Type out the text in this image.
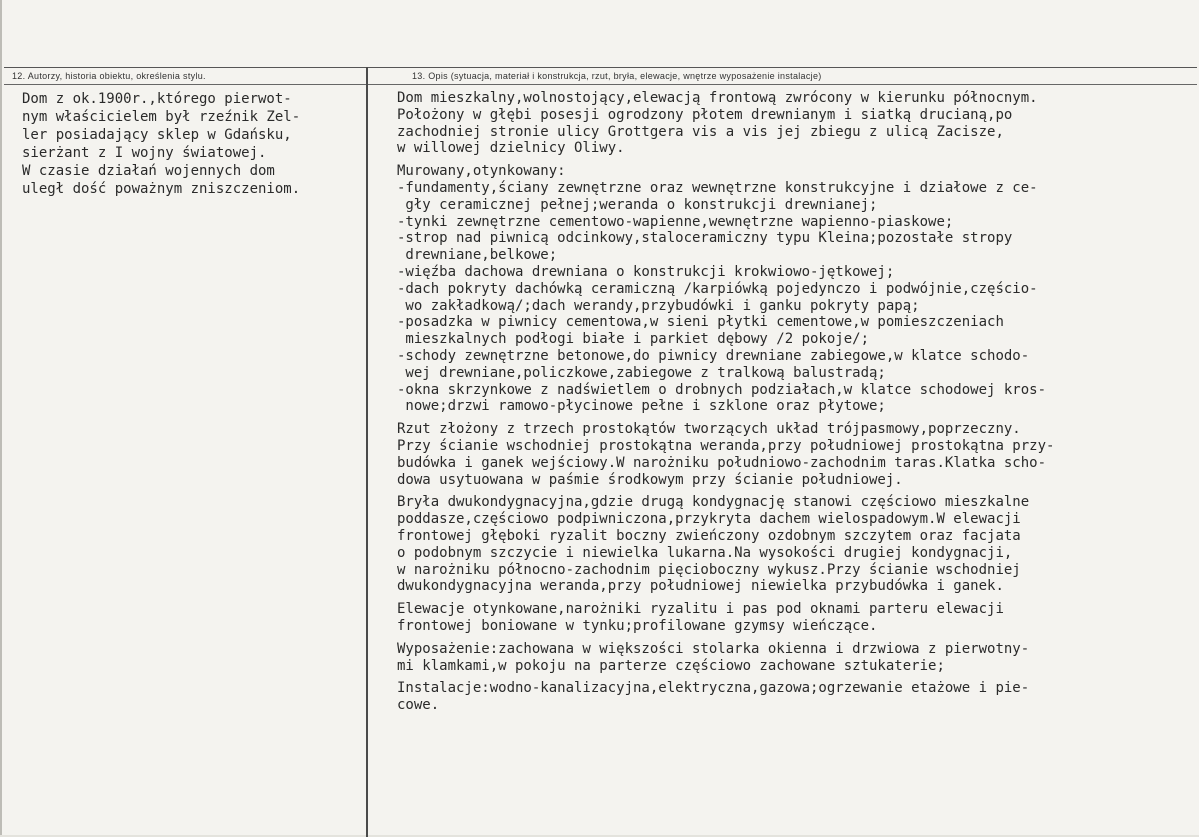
12. Autorzy, historia obiektu, określenia stylu.	13. Opis (sytuacja, materiał i konstrukcja, rzut, bryła, elewacje, wnętrze wyposażenie instalacje)
Dom z ok.1900r.,którego pierwot-
nym właścicielem był rzeźnik Zel-
ler posiadający sklep w Gdańsku,
sierżant z I wojny światowej.
W czasie działań wojennych dom
uległ dość poważnym zniszczeniom.
Dom mieszkalny,wolnostojący,elewacją frontową zwrócony w kierunku północnym.
Położony w głębi posesji ogrodzony płotem drewnianym i siatką drucianą,po
zachodniej stronie ulicy Grottgera vis a vis jej zbiegu z ulicą Zacisze,
w willowej dzielnicy Oliwy.
Murowany,otynkowany:
-fundamenty,ściany zewnętrzne oraz wewnętrzne konstrukcyjne i działowe z ce-
gły ceramicznej pełnej;weranda o konstrukcji drewnianej;
-tynki zewnętrzne cementowo-wapienne,wewnętrzne wapienno-piaskowe;
-strop nad piwnicą odcinkowy,staloceramiczny typu Kleina;pozostałe stropy
drewniane,belkowe;
-więźba dachowa drewniana o konstrukcji krokwiowo-jętkowej;
-dach pokryty dachówką ceramiczną /karpiówką pojedynczo i podwójnie,częścio-
wo zakładkową/;dach werandy,przybudówki i ganku pokryty papą;
-posadzka w piwnicy cementowa,w sieni płytki cementowe,w pomieszczeniach
mieszkalnych podłogi białe i parkiet dębowy /2 pokoje/;
-schody zewnętrzne betonowe,do piwnicy drewniane zabiegowe,w klatce schodo-
wej drewniane,policzkowe,zabiegowe z tralkową balustradą;
-okna skrzynkowe z nadświetlem o drobnych podziałach,w klatce schodowej kros-
nowe;drzwi ramowo-płycinowe pełne i szklone oraz płytowe;
Rzut złożony z trzech prostokątów tworzących układ trójpasmowy,poprzeczny.
Przy ścianie wschodniej prostokątna weranda,przy południowej prostokątna przy-
budówka i ganek wejściowy.W narożniku południowo-zachodnim taras.Klatka scho-
dowa usytuowana w paśmie środkowym przy ścianie południowej.
Bryła dwukondygnacyjna,gdzie drugą kondygnację stanowi częściowo mieszkalne
poddasze,częściowo podpiwniczona,przykryta dachem wielospadowym.W elewacji
frontowej głęboki ryzalit boczny zwieńczony ozdobnym szczytem oraz facjata
o podobnym szczycie i niewielka lukarna.Na wysokości drugiej kondygnacji,
w narożniku północno-zachodnim pięcioboczny wykusz.Przy ścianie wschodniej
dwukondygnacyjna weranda,przy południowej niewielka przybudówka i ganek.
Elewacje otynkowane,narożniki ryzalitu i pas pod oknami parteru elewacji
frontowej boniowane w tynku;profilowane gzymsy wieńczące.
Wyposażenie:zachowana w większości stolarka okienna i drzwiowa z pierwotny-
mi klamkami,w pokoju na parterze częściowo zachowane sztukaterie;
Instalacje:wodno-kanalizacyjna,elektryczna,gazowa;ogrzewanie etażowe i pie-
cowe.
